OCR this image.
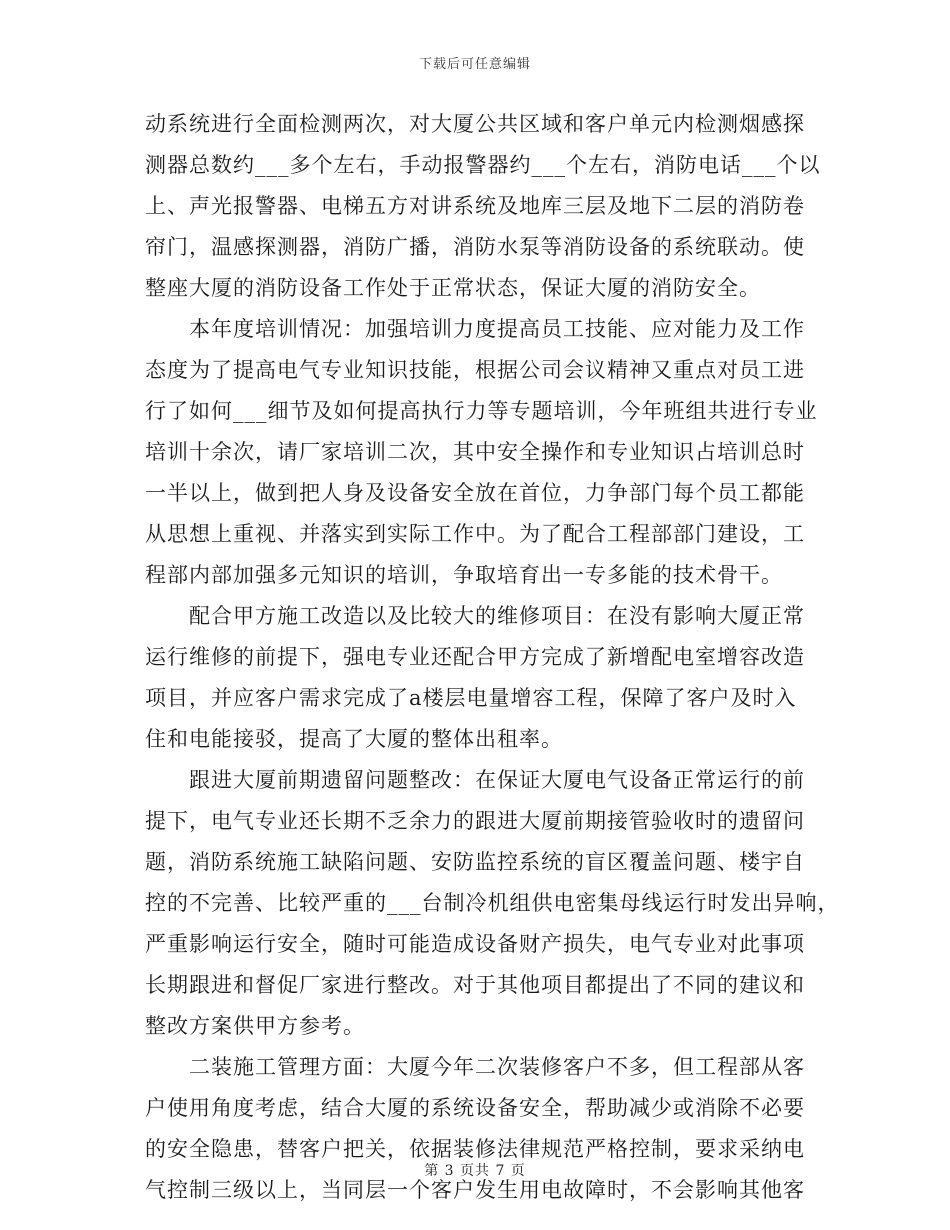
下载后可任意编辑
动系统进行全面检测两次，对大厦公共区域和客户单元内检测烟感探
测器总数约___多个左右，手动报警器约___个左右，消防电话___个以
上、声光报警器、电梯五方对讲系统及地库三层及地下二层的消防卷
帘门，温感探测器，消防广播，消防水泵等消防设备的系统联动。使
整座大厦的消防设备工作处于正常状态，保证大厦的消防安全。
本年度培训情况：加强培训力度提高员工技能、应对能力及工作
态度为了提高电气专业知识技能，根据公司会议精神又重点对员工进
行了如何___细节及如何提高执行力等专题培训，今年班组共进行专业
培训十余次，请厂家培训二次，其中安全操作和专业知识占培训总时
一半以上，做到把人身及设备安全放在首位，力争部门每个员工都能
从思想上重视、并落实到实际工作中。为了配合工程部部门建设，工
程部内部加强多元知识的培训，争取培育出一专多能的技术骨干。
配合甲方施工改造以及比较大的维修项目：在没有影响大厦正常
运行维修的前提下，强电专业还配合甲方完成了新增配电室增容改造
项目，并应客户需求完成了a楼层电量增容工程，保障了客户及时入
住和电能接驳，提高了大厦的整体出租率。
跟进大厦前期遗留问题整改：在保证大厦电气设备正常运行的前
提下，电气专业还长期不乏余力的跟进大厦前期接管验收时的遗留问
题，消防系统施工缺陷问题、安防监控系统的盲区覆盖问题、楼宇自
控的不完善、比较严重的___台制冷机组供电密集母线运行时发出异响，
严重影响运行安全，随时可能造成设备财产损失，电气专业对此事项
长期跟进和督促厂家进行整改。对于其他项目都提出了不同的建议和
整改方案供甲方参考。
二装施工管理方面：大厦今年二次装修客户不多，但工程部从客
户使用角度考虑，结合大厦的系统设备安全，帮助减少或消除不必要
的安全隐患，替客户把关，依据装修法律规范严格控制，要求采纳电
气控制三级以上，当同层一个客户发生用电故障时，不会影响其他客
第 3 页共 7 页
